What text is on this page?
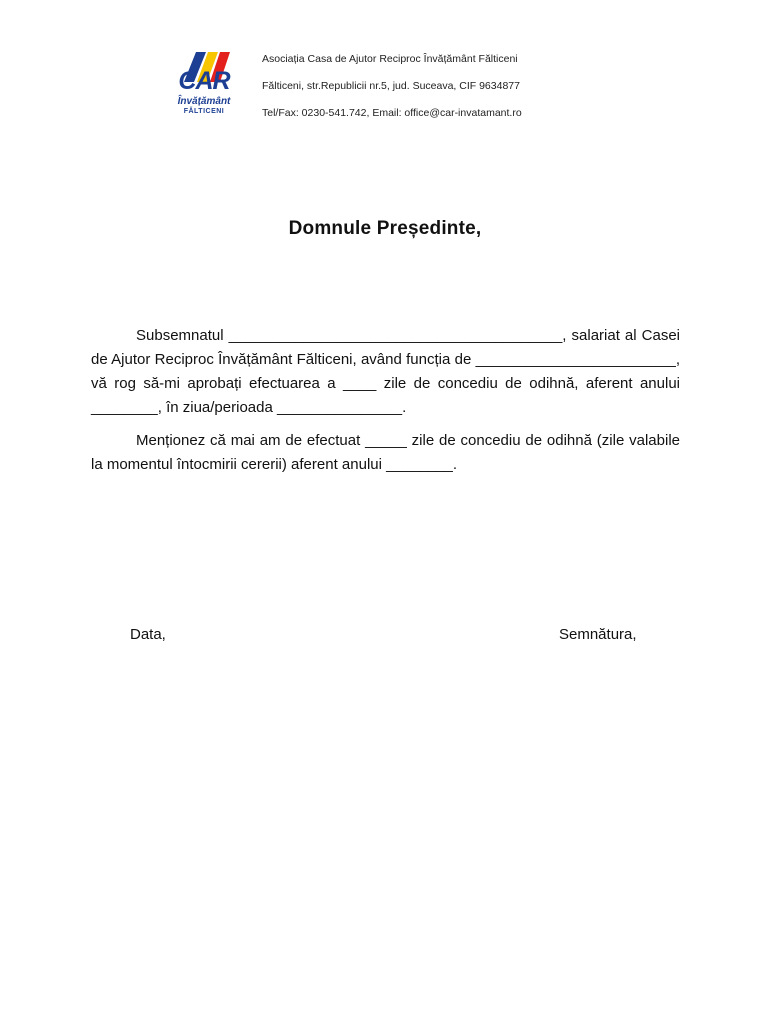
CAR
Învățământ
FĂLTICENI
Asociația Casa de Ajutor Reciproc Învățământ Fălticeni
Fălticeni, str.Republicii nr.5, jud. Suceava, CIF 9634877
Tel/Fax: 0230-541.742, Email: office@car-invatamant.ro
Domnule Președinte,

Subsemnatul ________________________________________, salariat al Casei de Ajutor Reciproc Învățământ Fălticeni, având funcția de ________________________, vă rog să-mi aprobați efectuarea a ____ zile de concediu de odihnă, aferent anului ________, în ziua/perioada _______________.

Menționez că mai am de efectuat _____ zile de concediu de odihnă (zile valabile la momentul întocmirii cererii) aferent anului ________.

Data,	Semnătura,
